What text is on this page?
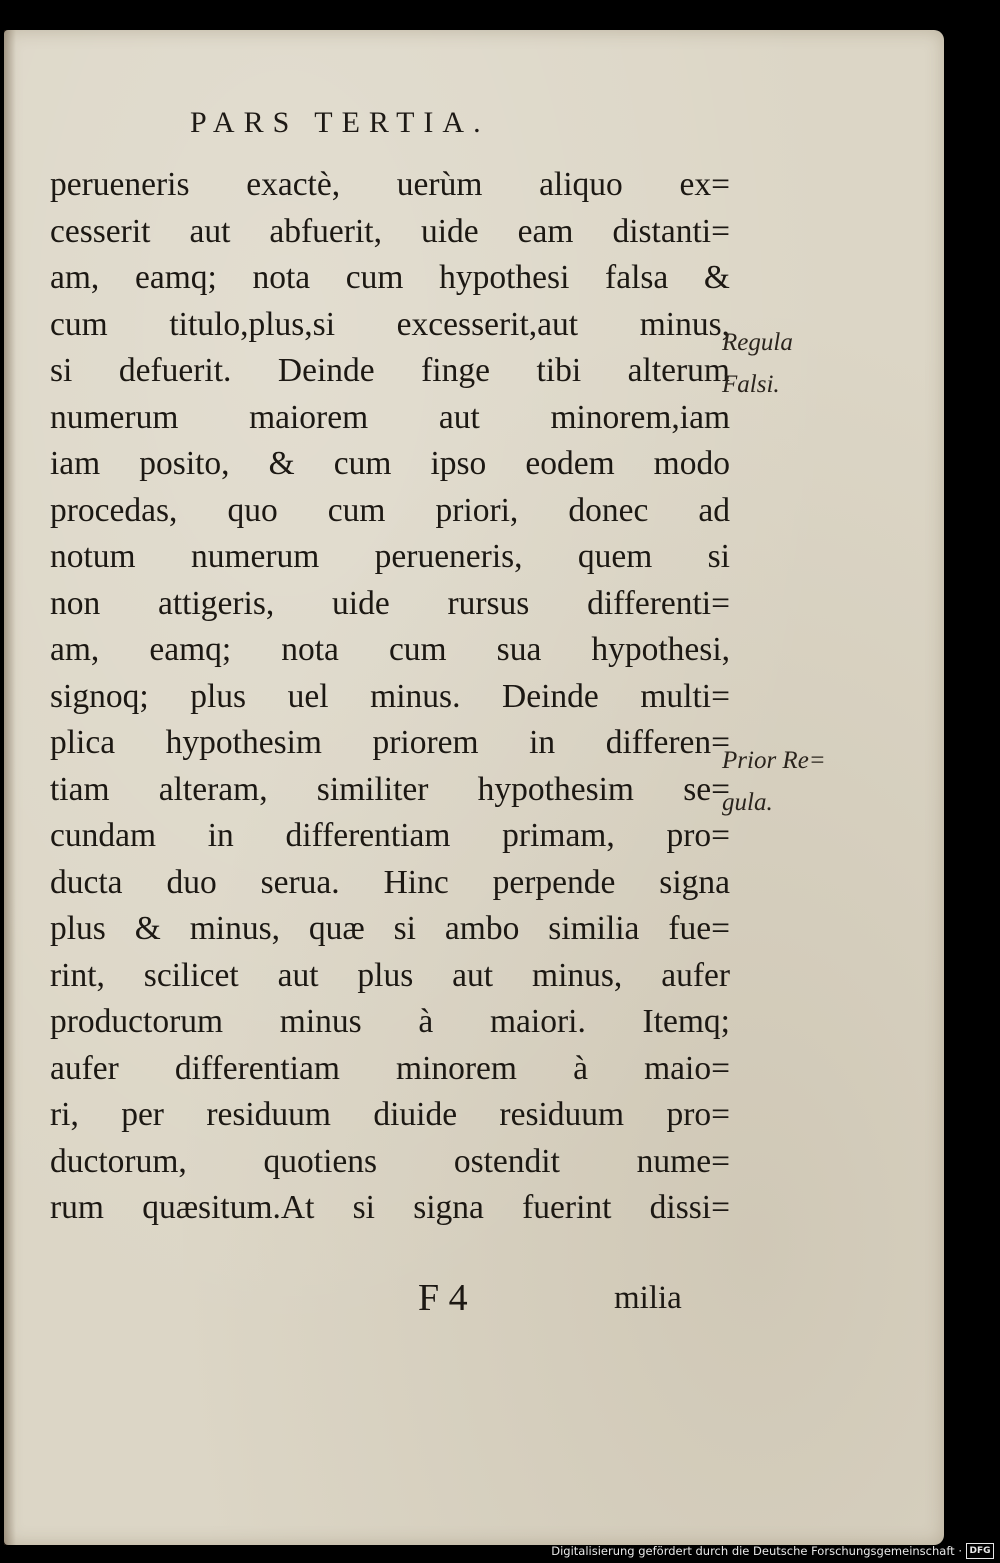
PARS TERTIA.
perueneris exactè, uerùm aliquo ex=
cesserit aut abfuerit, uide eam distanti=
am, eamq; nota cum hypothesi falsa &
cum titulo,plus,si excesserit,aut minus,
si defuerit. Deinde finge tibi alterum
numerum maiorem aut minorem,iam
iam posito, & cum ipso eodem modo
procedas, quo cum priori, donec ad
notum numerum perueneris, quem si
non attigeris, uide rursus differenti=
am, eamq; nota cum sua hypothesi,
signoq; plus uel minus. Deinde multi=
plica hypothesim priorem in differen=
tiam alteram, similiter hypothesim se=
cundam in differentiam primam, pro=
ducta duo serua. Hinc perpende signa
plus & minus, quæ si ambo similia fue=
rint, scilicet aut plus aut minus, aufer
productorum minus à maiori. Itemq;
aufer differentiam minorem à maio=
ri, per residuum diuide residuum pro=
ductorum, quotiens ostendit nume=
rum quæsitum.At si signa fuerint dissi=
Regula
Falsi.
Prior Re=
gula.
F 4	milia
Digitalisierung gefördert durch die Deutsche Forschungsgemeinschaft · DFG
